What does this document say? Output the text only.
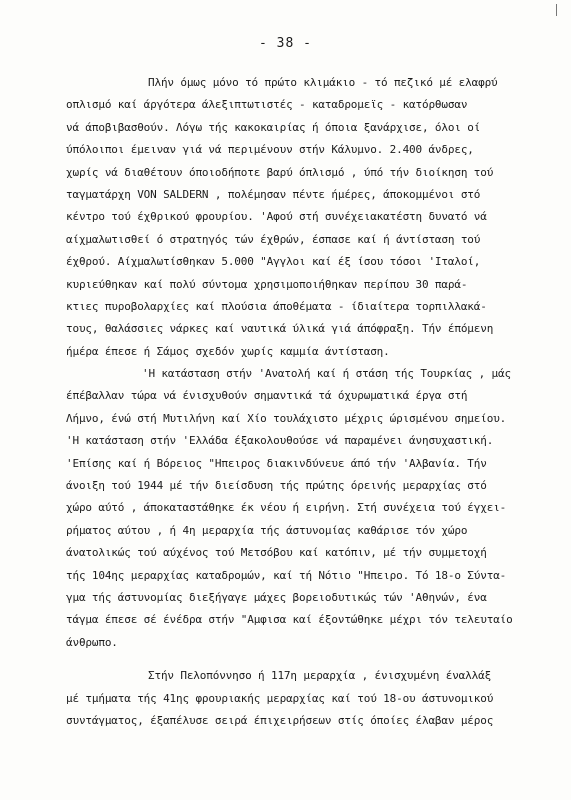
- 38 -
Πλήν όμως μόνο τό πρώτο κλιμάκιο - τό πεζικό μέ ελαφρύ
οπλισμό καί άργότερα άλεξιπτωτιστές - καταδρομεϊς - κατόρθωσαν
νά άποβιβασθούν. Λόγω τής κακοκαιρίας ή όποια ξανάρχισε, όλοι οί
ύπόλοιποι έμειναν γιά νά περιμένουν στήν Κάλυμνο. 2.400 άνδρες,
χωρίς νά διαθέτουν όποιοδήποτε βαρύ όπλισμό , ύπό τήν διοίκηση τού
ταγματάρχη VON SALDERN , πολέμησαν πέντε ήμέρες, άποκομμένοι στό
κέντρο τού έχθρικού φρουρίου. 'Αφού στή συνέχειακατέστη δυνατό νά
αίχμαλωτισθεί ό στρατηγός τών έχθρών, έσπασε καί ή άντίσταση τού
έχθρού. Αίχμαλωτίσθηκαν 5.000 "Αγγλοι καί έξ ίσου τόσοι 'Ιταλοί,
κυριεύθηκαν καί πολύ σύντομα χρησιμοποιήθηκαν περίπου 30 παρά-
κτιες πυροβολαρχίες καί πλούσια άποθέματα - ίδιαίτερα τορπιλλακά-
τους, θαλάσσιες νάρκες καί ναυτικά ύλικά γιά άπόφραξη. Τήν έπόμενη
ήμέρα έπεσε ή Σάμος σχεδόν χωρίς καμμία άντίσταση.
'Η κατάσταση στήν 'Ανατολή καί ή στάση τής Τουρκίας , μάς
έπέβαλλαν τώρα νά ένισχυθούν σημαντικά τά όχυρωματικά έργα στή
Λήμνο, ένώ στή Μυτιλήνη καί Χίο τουλάχιστο μέχρις ώρισμένου σημείου.
'Η κατάσταση στήν 'Ελλάδα έξακολουθούσε νά παραμένει άνησυχαστική.
'Επίσης καί ή Βόρειος "Ηπειρος διακινδύνευε άπό τήν 'Αλβανία. Τήν
άνοιξη τού 1944 μέ τήν διείσδυση τής πρώτης όρεινής μεραρχίας στό
χώρο αύτό , άποκαταστάθηκε έκ νέου ή ειρήνη. Στή συνέχεια τού έγχει-
ρήματος αύτου , ή 4η μεραρχία τής άστυνομίας καθάρισε τόν χώρο
άνατολικώς τού αύχένος τού Μετσόβου καί κατόπιν, μέ τήν συμμετοχή
τής 104ης μεραρχίας καταδρομών, καί τή Νότιο "Ηπειρο. Τό 18-ο Σύντα-
γμα τής άστυνομίας διεξήγαγε μάχες βορειοδυτικώς τών 'Αθηνών, ένα
τάγμα έπεσε σέ ένέδρα στήν "Αμφισα καί έξοντώθηκε μέχρι τόν τελευταίο
άνθρωπο.
Στήν Πελοπόννησο ή 117η μεραρχία , ένισχυμένη έναλλάξ
μέ τμήματα τής 41ης φρουριακής μεραρχίας καί τού 18-ου άστυνομικού
συντάγματος, έξαπέλυσε σειρά έπιχειρήσεων στίς όποίες έλαβαν μέρος
